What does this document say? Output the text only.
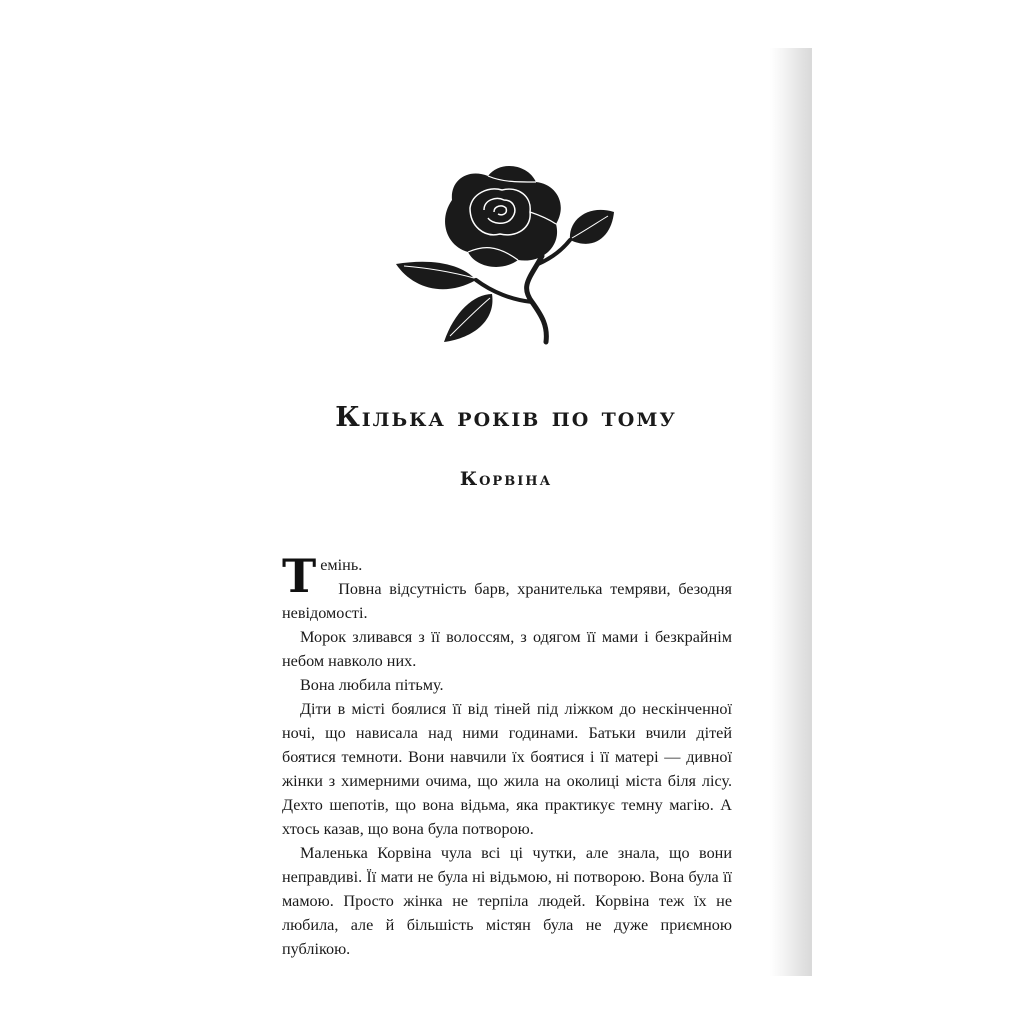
Кілька років по тому
Корвіна

Темінь.

Повна відсутність барв, хранителька темряви, безодня невідомості.

Морок зливався з її волоссям, з одягом її мами і безкрайнім небом навколо них.

Вона любила пітьму.

Діти в місті боялися її від тіней під ліжком до нескінченної ночі, що нависала над ними годинами. Батьки вчили дітей боятися темноти. Вони навчили їх боятися і її матері — дивної жінки з химерними очима, що жила на околиці міста біля лісу. Дехто шепотів, що вона відьма, яка практикує темну магію. А хтось казав, що вона була потворою.

Маленька Корвіна чула всі ці чутки, але знала, що вони неправдиві. Її мати не була ні відьмою, ні потворою. Вона була її мамою. Просто жінка не терпіла людей. Корвіна теж їх не любила, але й більшість містян була не дуже приємною публікою.
